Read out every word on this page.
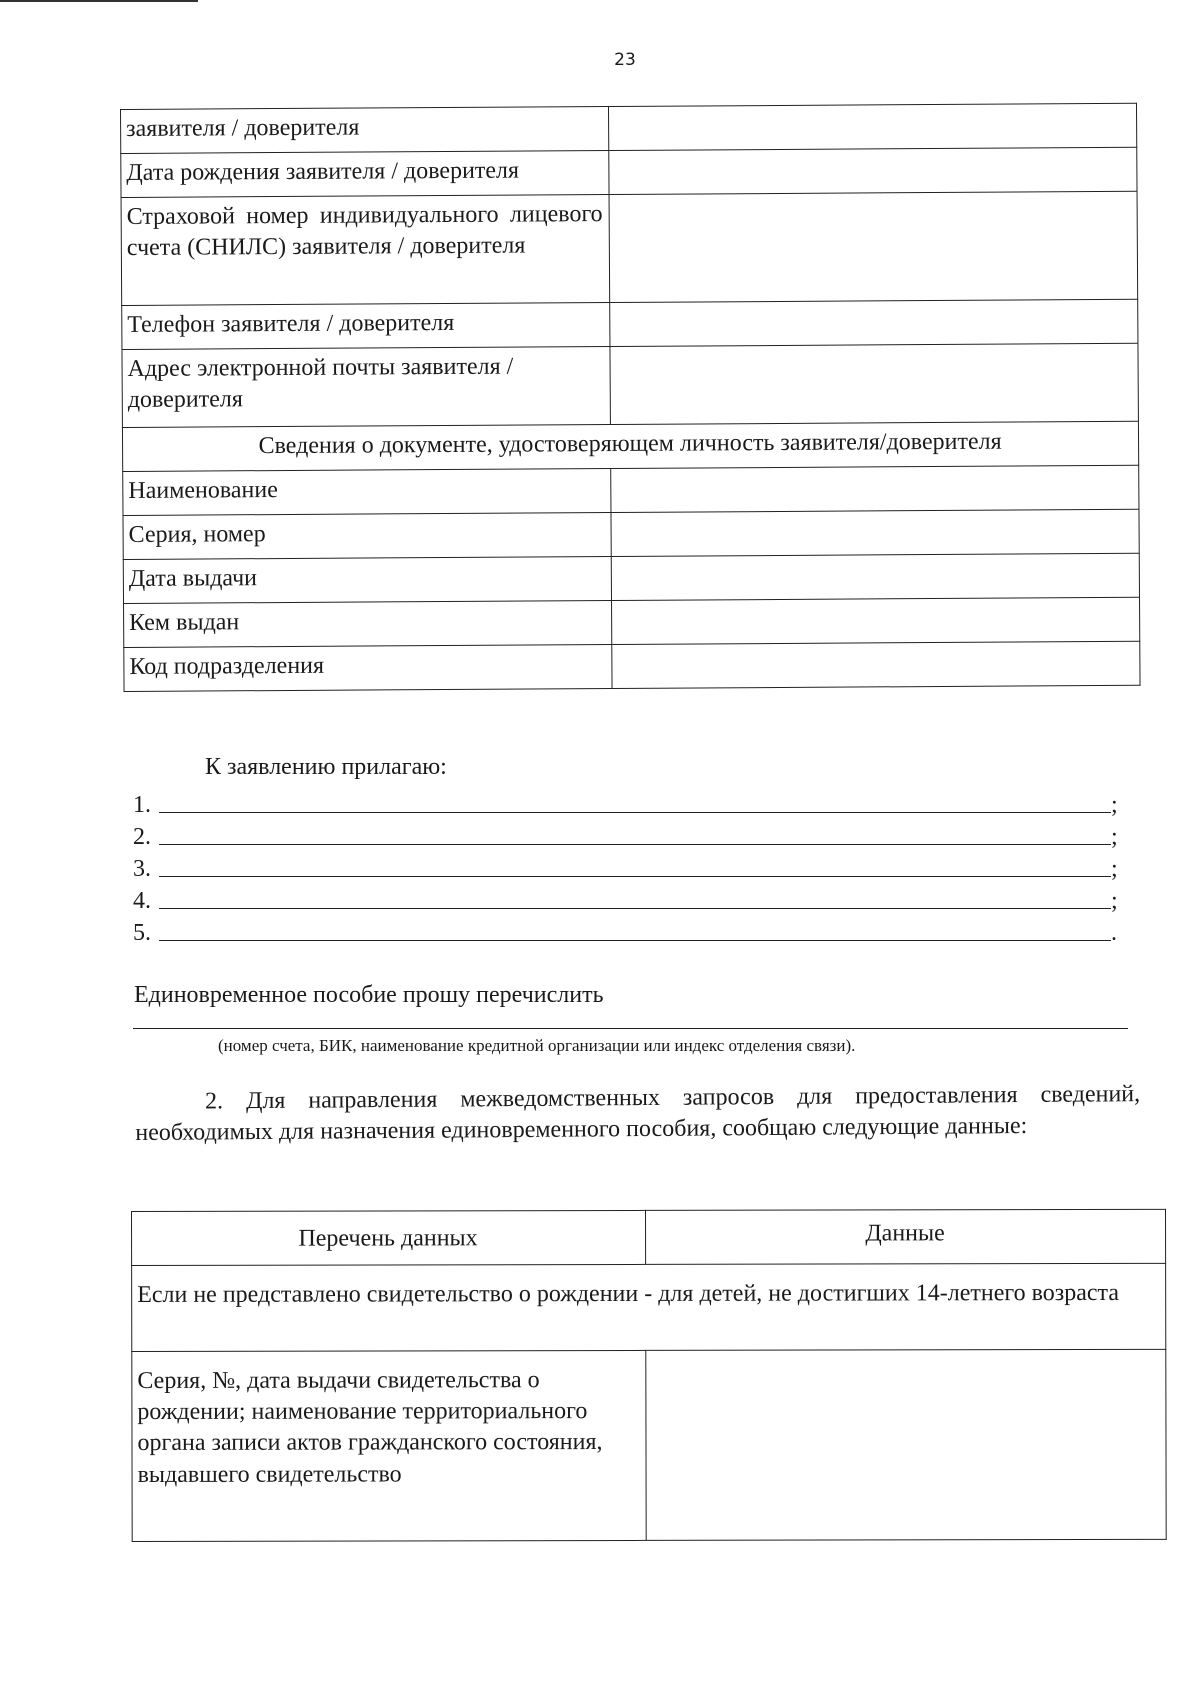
23
заявителя / доверителя	
Дата рождения заявителя / доверителя	
Страховой номер индивидуального лицевого счета (СНИЛС) заявителя / доверителя	
Телефон заявителя / доверителя	
Адрес электронной почты заявителя / доверителя	
Сведения о документе, удостоверяющем личность заявителя/доверителя	
Наименование	
Серия, номер	
Дата выдачи	
Кем выдан	
Код подразделения	
К заявлению прилагаю:
1.	;
2.	;
3.	;
4.	;
5.	.
Единовременное пособие прошу перечислить
(номер счета, БИК, наименование кредитной организации или индекс отделения связи).
2. Для направления межведомственных запросов для предоставления сведений, необходимых для назначения единовременного пособия, сообщаю следующие данные:
Перечень данных	Данные
Если не представлено свидетельство о рождении - для детей, не достигших 14-летнего возраста	
Серия, №, дата выдачи свидетельства о рождении; наименование территориального органа записи актов гражданского состояния, выдавшего свидетельство	
